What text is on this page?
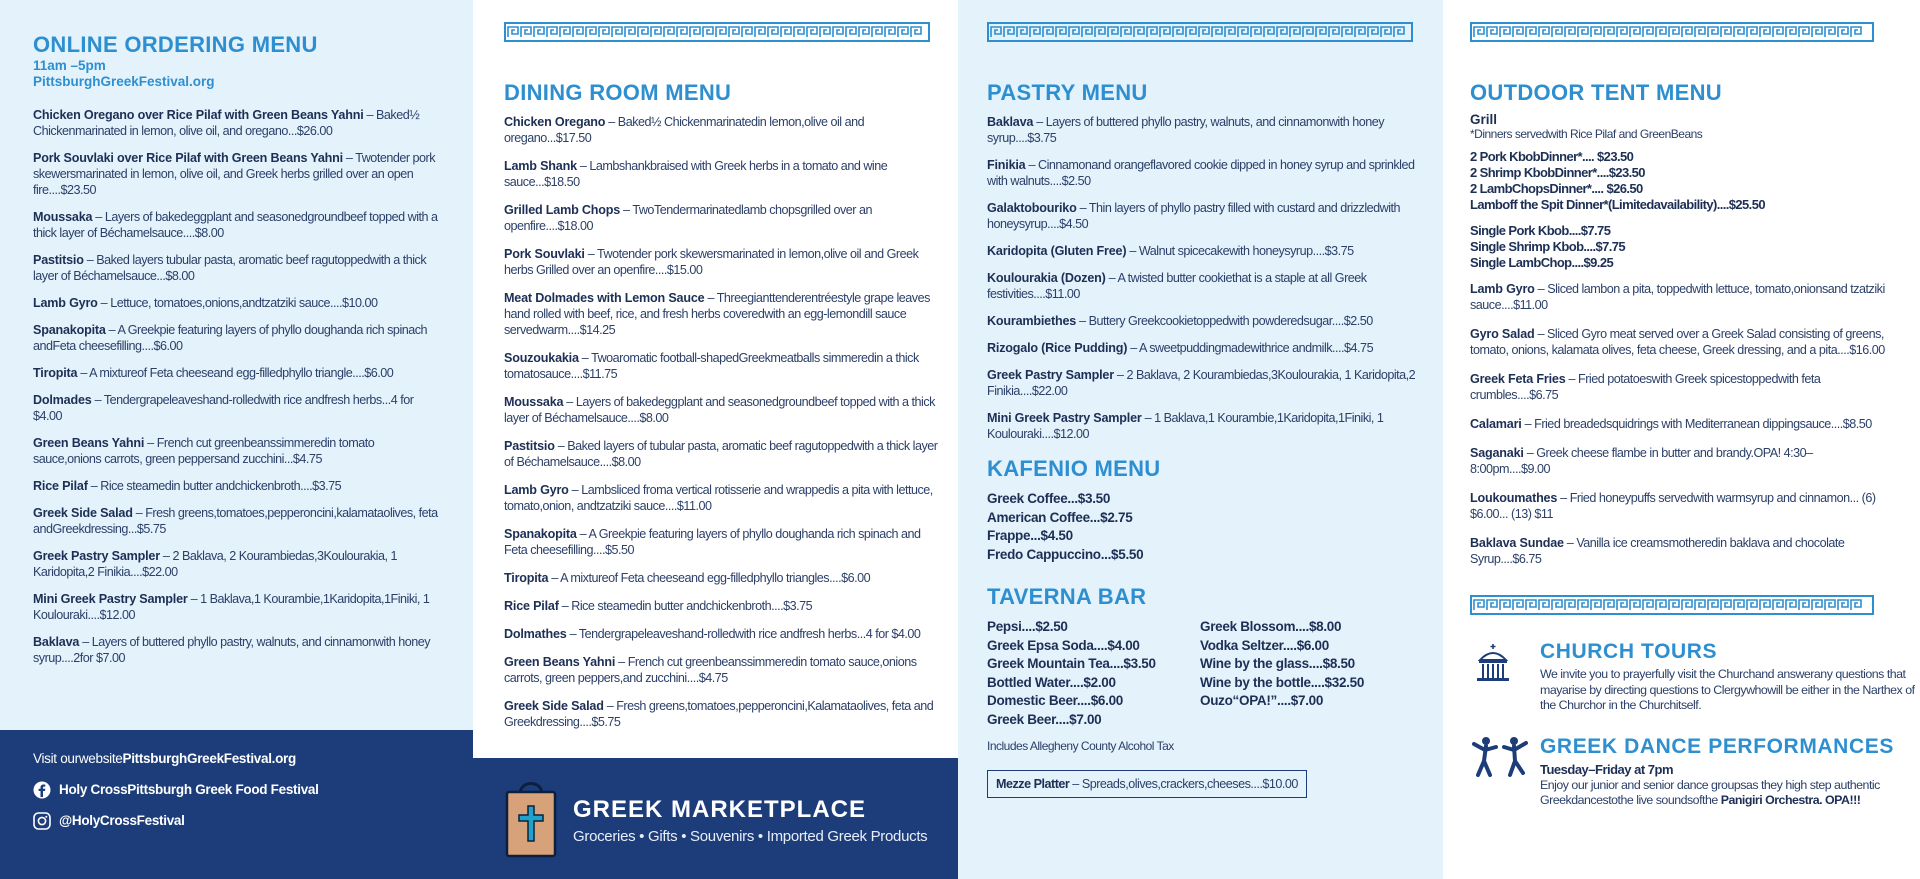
ONLINE ORDERING MENU
11am –5pm
PittsburghGreekFestival.org
Chicken Oregano over Rice Pilaf with Green Beans Yahni – Baked½ Chickenmarinated in lemon, olive oil, and oregano...$26.00
Pork Souvlaki over Rice Pilaf with Green Beans Yahni – Twotender pork skewersmarinated in lemon, olive oil, and Greek herbs grilled over an open fire....$23.50
Moussaka – Layers of bakedeggplant and seasonedgroundbeef topped with a thick layer of Béchamelsauce....$8.00
Pastitsio – Baked layers tubular pasta, aromatic beef ragutoppedwith a thick layer of Béchamelsauce...$8.00
Lamb Gyro – Lettuce, tomatoes,onions,andtzatziki sauce....$10.00
Spanakopita – A Greekpie featuring layers of phyllo doughanda rich spinach andFeta cheesefilling....$6.00
Tiropita – A mixtureof Feta cheeseand egg-filledphyllo triangle....$6.00
Dolmades – Tendergrapeleaveshand-rolledwith rice andfresh herbs...4 for $4.00
Green Beans Yahni – French cut greenbeanssimmeredin tomato sauce,onions carrots, green peppersand zucchini...$4.75
Rice Pilaf – Rice steamedin butter andchickenbroth....$3.75
Greek Side Salad – Fresh greens,tomatoes,pepperoncini,kalamataolives, feta andGreekdressing...$5.75
Greek Pastry Sampler – 2 Baklava, 2 Kourambiedas,3Koulourakia, 1 Karidopita,2 Finikia....$22.00
Mini Greek Pastry Sampler – 1 Baklava,1 Kourambie,1Karidopita,1Finiki, 1 Koulouraki....$12.00
Baklava – Layers of buttered phyllo pastry, walnuts, and cinnamonwith honey syrup....2for $7.00
Visit ourwebsite PittsburghGreekFestival.org
Holy CrossPittsburgh Greek Food Festival
@HolyCrossFestival
DINING ROOM MENU
Chicken Oregano – Baked½ Chickenmarinatedin lemon,olive oil and oregano...$17.50
Lamb Shank – Lambshankbraised with Greek herbs in a tomato and wine sauce...$18.50
Grilled Lamb Chops – TwoTendermarinatedlamb chopsgrilled over an openfire....$18.00
Pork Souvlaki – Twotender pork skewersmarinated in lemon,olive oil and Greek herbs Grilled over an openfire....$15.00
Meat Dolmades with Lemon Sauce – Threegianttenderentréestyle grape leaves hand rolled with beef, rice, and fresh herbs coveredwith an egg-lemondill sauce servedwarm....$14.25
Souzoukakia – Twoaromatic football-shapedGreekmeatballs simmeredin a thick tomatosauce....$11.75
Moussaka – Layers of bakedeggplant and seasonedgroundbeef topped with a thick layer of Béchamelsauce....$8.00
Pastitsio – Baked layers of tubular pasta, aromatic beef ragutoppedwith a thick layer of Béchamelsauce....$8.00
Lamb Gyro – Lambsliced froma vertical rotisserie and wrappedis a pita with lettuce, tomato,onion, andtzatziki sauce....$11.00
Spanakopita – A Greekpie featuring layers of phyllo doughanda rich spinach and Feta cheesefilling....$5.50
Tiropita – A mixtureof Feta cheeseand egg-filledphyllo triangles....$6.00
Rice Pilaf – Rice steamedin butter andchickenbroth....$3.75
Dolmathes – Tendergrapeleaveshand-rolledwith rice andfresh herbs...4 for $4.00
Green Beans Yahni – French cut greenbeanssimmeredin tomato sauce,onions carrots, green peppers,and zucchini....$4.75
Greek Side Salad – Fresh greens,tomatoes,pepperoncini,Kalamataolives, feta and Greekdressing....$5.75
GREEK MARKETPLACE
Groceries • Gifts • Souvenirs • Imported Greek Products
PASTRY MENU
Baklava – Layers of buttered phyllo pastry, walnuts, and cinnamonwith honey syrup....$3.75
Finikia – Cinnamonand orangeflavored cookie dipped in honey syrup and sprinkled with walnuts....$2.50
Galaktobouriko – Thin layers of phyllo pastry filled with custard and drizzledwith honeysyrup....$4.50
Karidopita (Gluten Free) – Walnut spicecakewith honeysyrup....$3.75
Koulourakia (Dozen) – A twisted butter cookiethat is a staple at all Greek festivities....$11.00
Kourambiethes – Buttery Greekcookietoppedwith powderedsugar....$2.50
Rizogalo (Rice Pudding) – A sweetpuddingmadewithrice andmilk....$4.75
Greek Pastry Sampler – 2 Baklava, 2 Kourambiedas,3Koulourakia, 1 Karidopita,2 Finikia....$22.00
Mini Greek Pastry Sampler – 1 Baklava,1 Kourambie,1Karidopita,1Finiki, 1 Koulouraki....$12.00
KAFENIO MENU
Greek Coffee...$3.50
American Coffee...$2.75
Frappe...$4.50
Fredo Cappuccino...$5.50
TAVERNA BAR
Pepsi....$2.50
Greek Epsa Soda....$4.00
Greek Mountain Tea....$3.50
Bottled Water....$2.00
Domestic Beer....$6.00
Greek Beer....$7.00
Greek Blossom....$8.00
Vodka Seltzer....$6.00
Wine by the glass....$8.50
Wine by the bottle....$32.50
Ouzo“OPA!”....$7.00
Includes Allegheny County Alcohol Tax
Mezze Platter – Spreads,olives,crackers,cheeses....$10.00
OUTDOOR TENT MENU
Grill
*Dinners servedwith Rice Pilaf and GreenBeans
2 Pork KbobDinner*.... $23.50
2 Shrimp KbobDinner*....$23.50
2 LambChopsDinner*.... $26.50
Lamboff the Spit Dinner*(Limitedavailability)....$25.50
Single Pork Kbob....$7.75
Single Shrimp Kbob....$7.75
Single LambChop....$9.25
Lamb Gyro – Sliced lambon a pita, toppedwith lettuce, tomato,onionsand tzatziki sauce....$11.00
Gyro Salad – Sliced Gyro meat served over a Greek Salad consisting of greens, tomato, onions, kalamata olives, feta cheese, Greek dressing, and a pita....$16.00
Greek Feta Fries – Fried potatoeswith Greek spicestoppedwith feta crumbles....$6.75
Calamari – Fried breadedsquidrings with Mediterranean dippingsauce....$8.50
Saganaki – Greek cheese flambe in butter and brandy.OPA! 4:30–8:00pm....$9.00
Loukoumathes – Fried honeypuffs servedwith warmsyrup and cinnamon... (6) $6.00... (13) $11
Baklava Sundae – Vanilla ice creamsmotheredin baklava and chocolate Syrup....$6.75
CHURCH TOURS

We invite you to prayerfully visit the Churchand answerany questions that mayarise by directing questions to Clergywhowill be either in the Narthex of the Churchor in the Churchitself.

GREEK DANCE PERFORMANCES

Tuesday–Friday at 7pm

Enjoy our junior and senior dance groupsas they high step authentic Greekdancestothe live soundsofthe Panigiri Orchestra. OPA!!!
